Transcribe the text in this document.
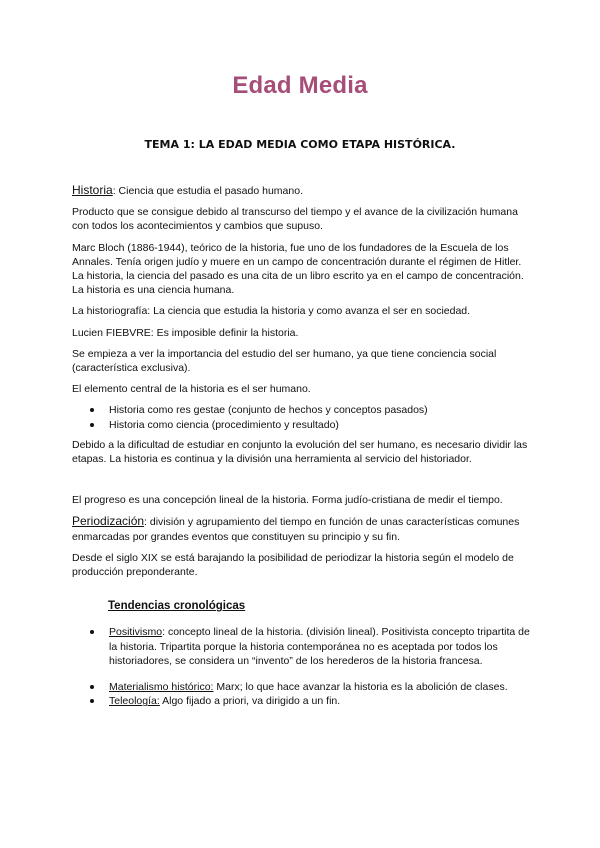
Edad Media
TEMA 1: LA EDAD MEDIA COMO ETAPA HISTÓRICA.

Historia: Ciencia que estudia el pasado humano.

Producto que se consigue debido al transcurso del tiempo y el avance de la civilización humana con todos los acontecimientos y cambios que supuso.

Marc Bloch (1886-1944), teórico de la historia, fue uno de los fundadores de la Escuela de los Annales. Tenía origen judío y muere en un campo de concentración durante el régimen de Hitler. La historia, la ciencia del pasado es una cita de un libro escrito ya en el campo de concentración. La historia es una ciencia humana.

La historiografía: La ciencia que estudia la historia y como avanza el ser en sociedad.

Lucien FIEBVRE: Es imposible definir la historia.

Se empieza a ver la importancia del estudio del ser humano, ya que tiene conciencia social (característica exclusiva).

El elemento central de la historia es el ser humano.

Historia como res gestae (conjunto de hechos y conceptos pasados)
Historia como ciencia (procedimiento y resultado)

Debido a la dificultad de estudiar en conjunto la evolución del ser humano, es necesario dividir las etapas. La historia es continua y la división una herramienta al servicio del historiador.

El progreso es una concepción lineal de la historia. Forma judío-cristiana de medir el tiempo.

Periodización: división y agrupamiento del tiempo en función de unas características comunes enmarcadas por grandes eventos que constituyen su principio y su fin.

Desde el siglo XIX se está barajando la posibilidad de periodizar la historia según el modelo de producción preponderante.

Tendencias cronológicas
Positivismo: concepto lineal de la historia. (división lineal). Positivista concepto tripartita de la historia. Tripartita porque la historia contemporánea no es aceptada por todos los historiadores, se considera un “invento” de los herederos de la historia francesa.
Materialismo histórico: Marx; lo que hace avanzar la historia es la abolición de clases.
Teleología: Algo fijado a priori, va dirigido a un fin.
